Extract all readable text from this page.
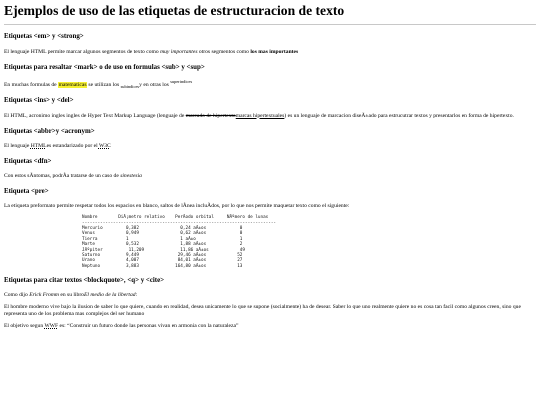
Ejemplos de uso de las etiquetas de estructuracion de texto
Etiquetas <em> y <strong>

El lenguaje HTML permite marcar algunos segmentos de texto como muy importantes otros segmentos como los mas importantes

Etiquetas para resaltar <mark> o de uso en formulas <sub> y <sup>

En muchas formulas de matematicas se utilizan los $_{subindices}$y en otras los $^{superindices}$

Etiquetas <ins> y <del>

El HTML, acronimo ingles ingles de Hyper Text Markup Language (lenguaje de marcado de hipertextomarcas hipertextuales) es un lenguaje de marcacion diseÃ±ado para estrucutrar textos y presentarlos en forma de hipertexto.

Etiquetas <abbr>y <acronym>

El lenguaje HTMLes estandarizado por el W3C

Etiquetas <dfn>

Con estos sÃntomas, podrÃa tratarse de un caso de sinestesia

Etiqueta <pre>

La etiqueta preformato permite respetar todos los espacios en blanco, saltos de lÃnea incluÃdos, por lo que nos permite maquetar texto como el siguiente:

Nombre        DiÃ¡metro relativo    PerÃodo orbital     NÃºmero de lunas
---------------------------------------------------------------------------
Mercurio         0,382                0,24 aÃ±os             0
Venus            0,949                0,62 aÃ±os             0
Tierra           1                    1 aÃ±o                 1
Marte            0,532                1,88 aÃ±os             2
JÃºpiter          11,209              11,86 aÃ±os            49
Saturno          9,449               29,46 aÃ±os            52
Urano            4,007               84,01 aÃ±os            27
Neptuno          3,883              164,80 aÃ±os            13
Etiquetas para citar textos <blockquote>, <q> y <cite>

Como dijo Erick Fromm en su libroEl medio de la libertad:

El hombre moderno vive bajo la ilusion de saber lo que quiere, cuando en realidad, desea unicamente lo que se supone (socialmente) ha de desear. Saber lo que uno realmente quiere no es cosa tan facil como algunos creen, sino que representa uno de los problema mas complejos del ser humano

El objetivo segun WWF es: “ Construir un futuro donde las personas vivan en armonia con la naturaleza ”
